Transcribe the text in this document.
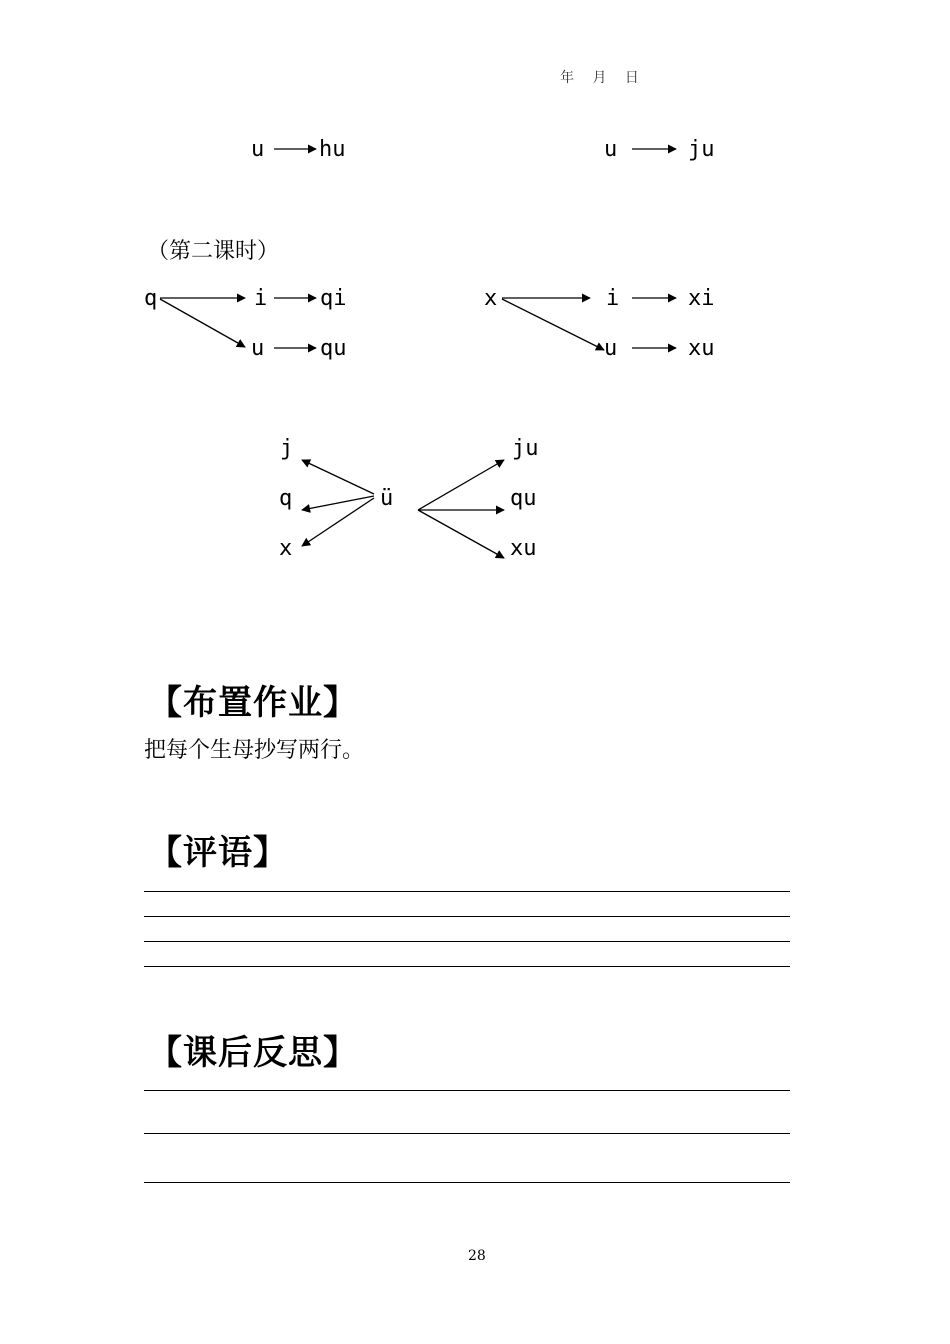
年　 月　 日
u hu	u	ju
（第二课时）
q	i qi
u	qu
x	i	xi
u	xu
j
q
x
ü
ju
qu
xu
【布置作业】
把每个生母抄写两行。
【评语】
【课后反思】
28
